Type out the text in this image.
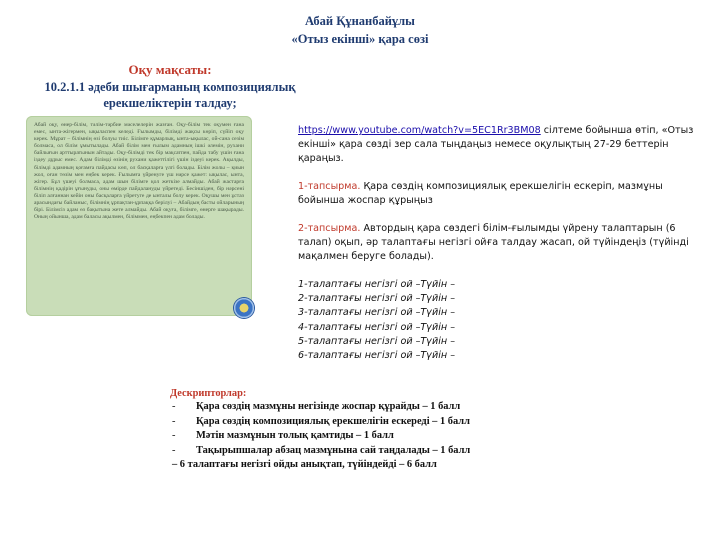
Абай Құнанбайұлы
«Отыз екінші» қара сөзі
Оқу мақсаты:
10.2.1.1 әдеби шығарманың композициялық ерекшеліктерін талдау;
Абай оқу, өнер-білім, тәлім-тәрбие мәселелерін жазған. Оқу-білім тек оқумен ғана емес, ынта-жігермен, ықыласпен келеді. Ғылымды, білімді жақсы көріп, сүйіп оқу керек. Мұрат – білімнің өзі болуы тиіс. Білімге құмарлық, ынта-ықылас, ой-сана сезім болмаса, ол білім ұмытылады. Абай білім мен ғылым адамның ішкі әлемін, рухани байлығын арттыратынын айтады. Оқу-білімді тек бір мақсатпен, пайда табу үшін ғана іздеу дұрыс емес. Адам білімді өзінің рухани қажеттілігі үшін іздеуі керек. Ақылды, білімді адамның қоғамға пайдасы көп, ол басқаларға үлгі болады. Білім жолы – қиын жол, оған төзім мен еңбек керек. Ғылымға үйренуге үш нәрсе қажет: ықылас, ынта, жігер. Бұл үшеуі болмаса, адам шын білімге қол жеткізе алмайды. Абай жастарға білімнің қадірін ұғынуды, оны өмірде пайдалануды үйретеді. Бесіншіден, бір нәрсені біліп алғаннан кейін оны басқаларға үйретуге де ынталы болу керек. Оқушы мен ұстаз арасындағы байланыс, білімнің ұрпақтан-ұрпаққа берілуі – Абайдың басты ойларының бірі. Білімсіз адам өз бақытына жете алмайды. Абай оқуға, білімге, өнерге шақырады. Оның ойынша, адам баласы ақылмен, біліммен, еңбекпен адам болады.

https://www.youtube.com/watch?v=5EC1Rr3BM08 сілтеме бойынша өтіп, «Отыз екінші» қара сөзді зер сала тыңдаңыз немесе оқулықтың 27-29 беттерін қараңыз.

1-тапсырма. Қара сөздің композициялық ерекшелігін ескеріп, мазмұны бойынша жоспар құрыңыз

2-тапсырма. Автордың қара сөздегі білім-ғылымды үйрену талаптарын (6 талап) оқып, әр талаптағы негізгі ойға талдау жасап, ой түйіндеңіз (түйінді мақалмен беруге болады).

1-талаптағы негізгі ой –Түйін –
2-талаптағы негізгі ой –Түйін –
3-талаптағы негізгі ой –Түйін –
4-талаптағы негізгі ой –Түйін –
5-талаптағы негізгі ой –Түйін –
6-талаптағы негізгі ой –Түйін –
Дескрипторлар:
- Қара сөздің мазмұны негізінде жоспар құрайды – 1 балл
- Қара сөздің композициялық ерекшелігін ескереді – 1 балл
- Мәтін мазмұнын толық қамтиды – 1 балл
- Тақырыпшалар абзац мазмұнына сай таңдалады – 1 балл
– 6 талаптағы негізгі ойды анықтап, түйіндейді – 6 балл
